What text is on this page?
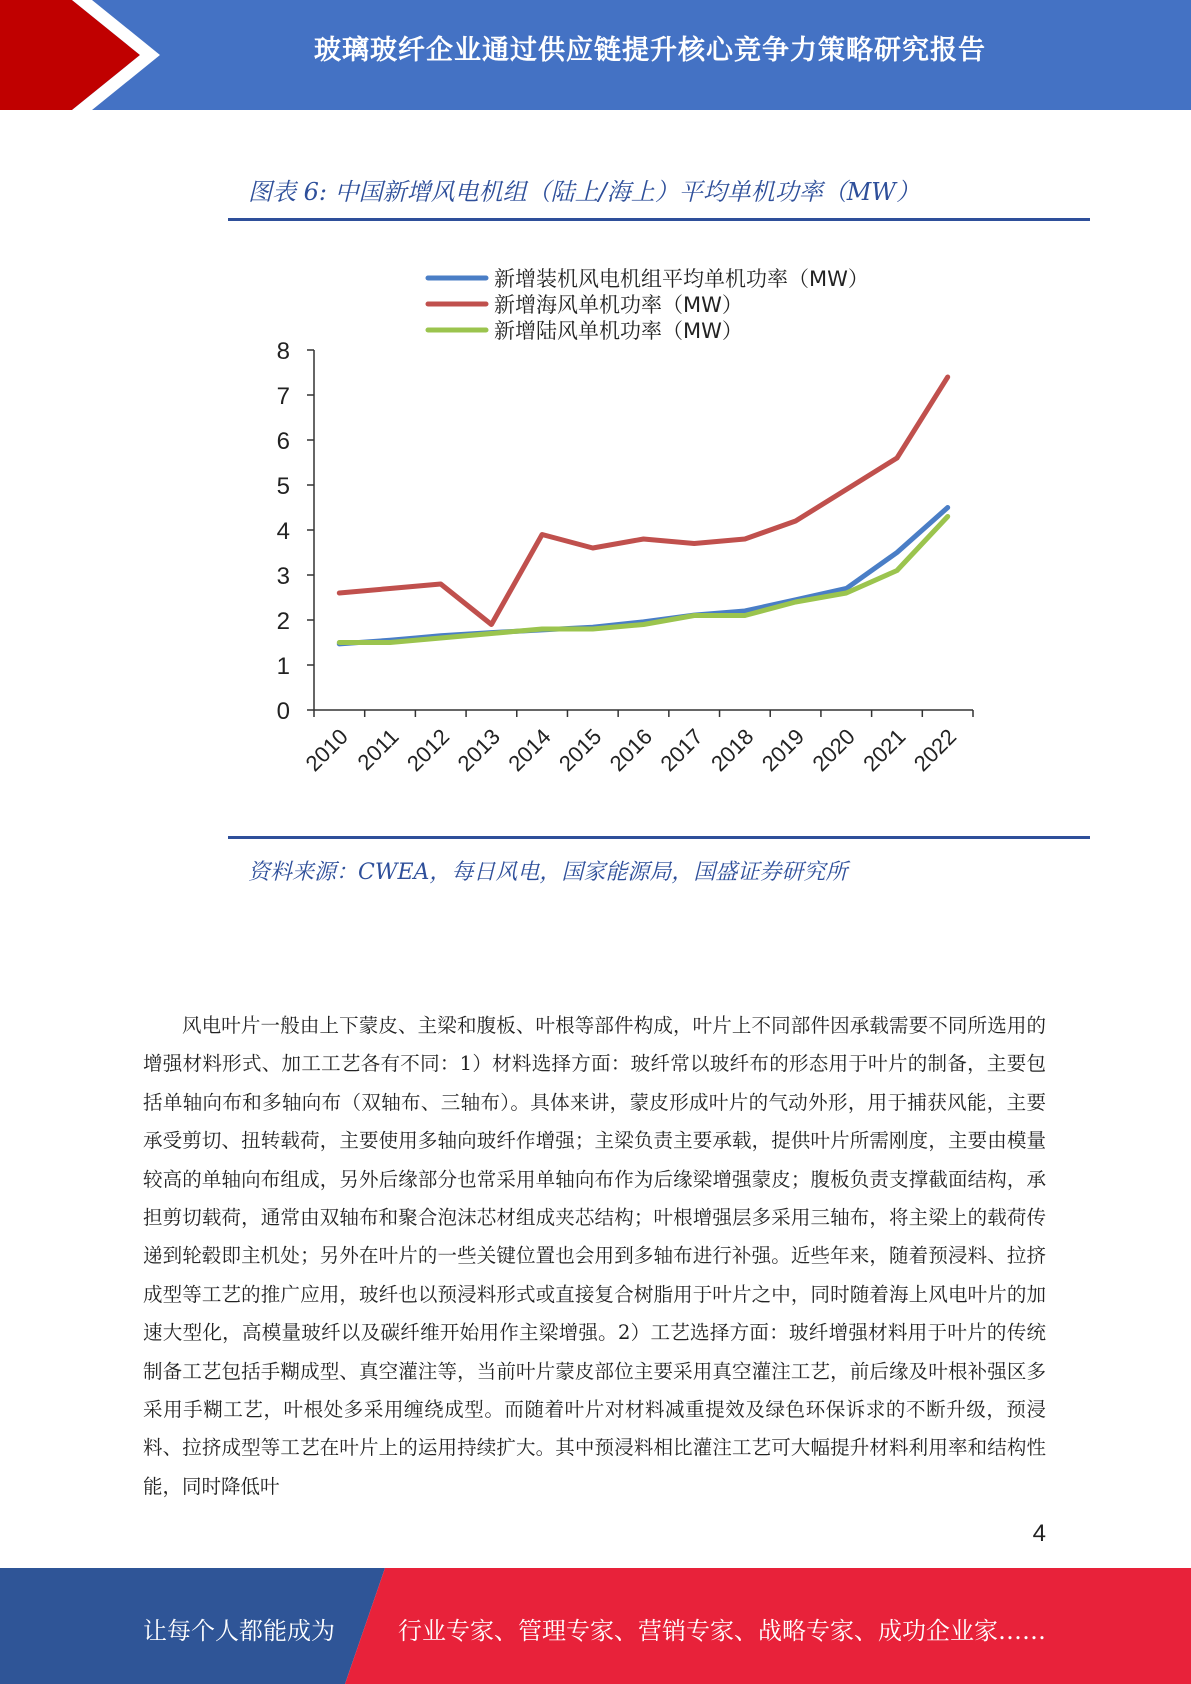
玻璃玻纤企业通过供应链提升核心竞争力策略研究报告
图表 6: 中国新增风电机组（陆上/海上）平均单机功率（MW）
新增装机风电机组平均单机功率（MW）
新增海风单机功率（MW）
新增陆风单机功率（MW）
0
1
2
3
4
5
6
7
8
2010 2011
2012
2013
2014
2015
2016
2017
2018
2019
2020
2021
2022
资料来源：CWEA，每日风电，国家能源局，国盛证券研究所

风电叶片一般由上下蒙皮、主梁和腹板、叶根等部件构成，叶片上不同部件因承载需要不同所选用的增强材料形式、加工工艺各有不同：1）材料选择方面：玻纤常以玻纤布的形态用于叶片的制备，主要包括单轴向布和多轴向布（双轴布、三轴布）。具体来讲，蒙皮形成叶片的气动外形，用于捕获风能，主要承受剪切、扭转载荷，主要使用多轴向玻纤作增强；主梁负责主要承载，提供叶片所需刚度，主要由模量较高的单轴向布组成，另外后缘部分也常采用单轴向布作为后缘梁增强蒙皮；腹板负责支撑截面结构，承担剪切载荷，通常由双轴布和聚合泡沫芯材组成夹芯结构；叶根增强层多采用三轴布，将主梁上的载荷传递到轮毂即主机处；另外在叶片的一些关键位置也会用到多轴布进行补强。近些年来，随着预浸料、拉挤成型等工艺的推广应用，玻纤也以预浸料形式或直接复合树脂用于叶片之中，同时随着海上风电叶片的加速大型化，高模量玻纤以及碳纤维开始用作主梁增强。2）工艺选择方面：玻纤增强材料用于叶片的传统制备工艺包括手糊成型、真空灌注等，当前叶片蒙皮部位主要采用真空灌注工艺，前后缘及叶根补强区多采用手糊工艺，叶根处多采用缠绕成型。而随着叶片对材料减重提效及绿色环保诉求的不断升级，预浸料、拉挤成型等工艺在叶片上的运用持续扩大。其中预浸料相比灌注工艺可大幅提升材料利用率和结构性能，同时降低叶

4
让每个人都能成为	行业专家、管理专家、营销专家、战略专家、成功企业家……
